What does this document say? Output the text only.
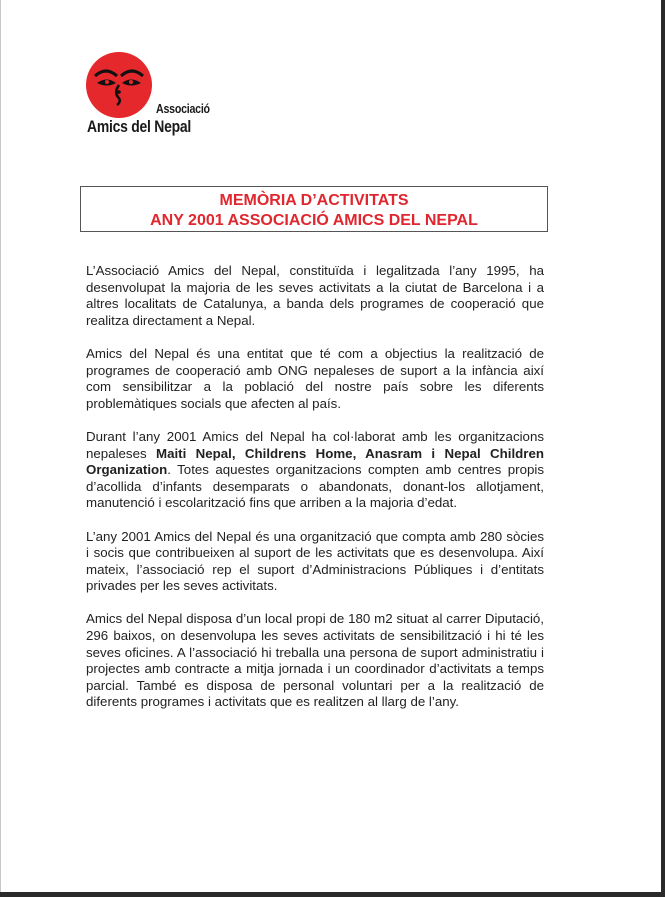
Associació
Amics del Nepal
MEMÒRIA D’ACTIVITATS
ANY 2001 ASSOCIACIÓ AMICS DEL NEPAL

L’Associació Amics del Nepal, constituïda i legalitzada l’any 1995, ha desenvolupat la majoria de les seves activitats a la ciutat de Barcelona i a altres localitats de Catalunya, a banda dels programes de cooperació que realitza directament a Nepal.

Amics del Nepal és una entitat que té com a objectius la realització de programes de cooperació amb ONG nepaleses de suport a la infància així com sensibilitzar a la població del nostre país sobre les diferents problemàtiques socials que afecten al país.

Durant l’any 2001 Amics del Nepal ha col·laborat amb les organitzacions nepaleses Maiti Nepal, Childrens Home, Anasram i Nepal Children Organization. Totes aquestes organitzacions compten amb centres propis d’acollida d’infants desemparats o abandonats, donant-los allotjament, manutenció i escolarització fins que arriben a la majoria d’edat.

L’any 2001 Amics del Nepal és una organització que compta amb 280 sòcies i socis que contribueixen al suport de les activitats que es desenvolupa. Així mateix, l’associació rep el suport d’Administracions Públiques i d’entitats privades per les seves activitats.

Amics del Nepal disposa d’un local propi de 180 m2 situat al carrer Diputació, 296 baixos, on desenvolupa les seves activitats de sensibilització i hi té les seves oficines. A l’associació hi treballa una persona de suport administratiu i projectes amb contracte a mitja jornada i un coordinador d’activitats a temps parcial. També es disposa de personal voluntari per a la realització de diferents programes i activitats que es realitzen al llarg de l’any.
